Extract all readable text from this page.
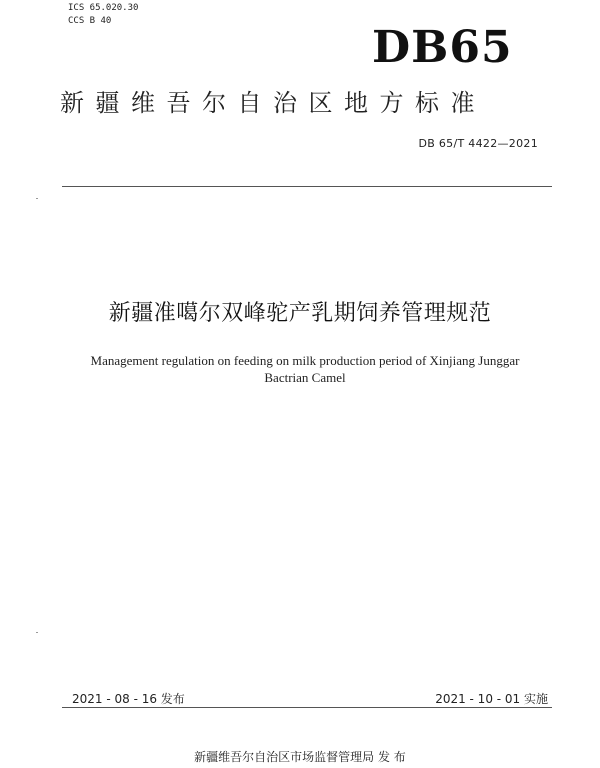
ICS 65.020.30
CCS B 40
DB65
新疆维吾尔自治区地方标准
DB 65/T 4422—2021
新疆准噶尔双峰驼产乳期饲养管理规范
Management regulation on feeding on milk production period of Xinjiang Junggar
Bactrian Camel
2021 - 08 - 16 发布	2021 - 10 - 01 实施
新疆维吾尔自治区市场监督管理局 发 布
